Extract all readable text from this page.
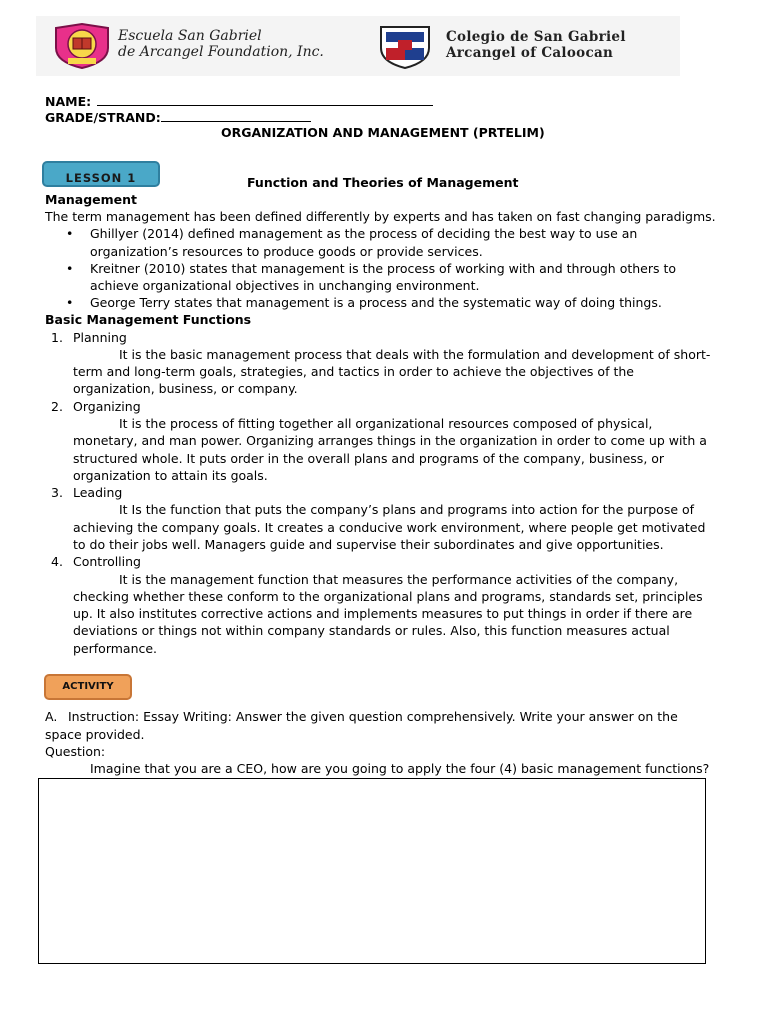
Escuela San Gabriel
de Arcangel Foundation, Inc.
Colegio de San Gabriel
Arcangel of Caloocan
NAME:
GRADE/STRAND:
ORGANIZATION AND MANAGEMENT (PRTELIM)
LESSON 1	Function and Theories of Management
Management
The term management has been defined differently by experts and has taken on fast changing paradigms.
• Ghillyer (2014) defined management as the process of deciding the best way to use an
organization’s resources to produce goods or provide services.
• Kreitner (2010) states that management is the process of working with and through others to
achieve organizational objectives in unchanging environment.
• George Terry states that management is a process and the systematic way of doing things.
Basic Management Functions
1. Planning
It is the basic management process that deals with the formulation and development of short-
term and long-term goals, strategies, and tactics in order to achieve the objectives of the
organization, business, or company.
2. Organizing
It is the process of fitting together all organizational resources composed of physical,
monetary, and man power. Organizing arranges things in the organization in order to come up with a
structured whole. It puts order in the overall plans and programs of the company, business, or
organization to attain its goals.
3. Leading
It Is the function that puts the company’s plans and programs into action for the purpose of
achieving the company goals. It creates a conducive work environment, where people get motivated
to do their jobs well. Managers guide and supervise their subordinates and give opportunities.
4. Controlling
It is the management function that measures the performance activities of the company,
checking whether these conform to the organizational plans and programs, standards set, principles
up. It also institutes corrective actions and implements measures to put things in order if there are
deviations or things not within company standards or rules. Also, this function measures actual
performance.
ACTIVITY
A. Instruction: Essay Writing: Answer the given question comprehensively. Write your answer on the
space provided.
Question:
Imagine that you are a CEO, how are you going to apply the four (4) basic management functions?
